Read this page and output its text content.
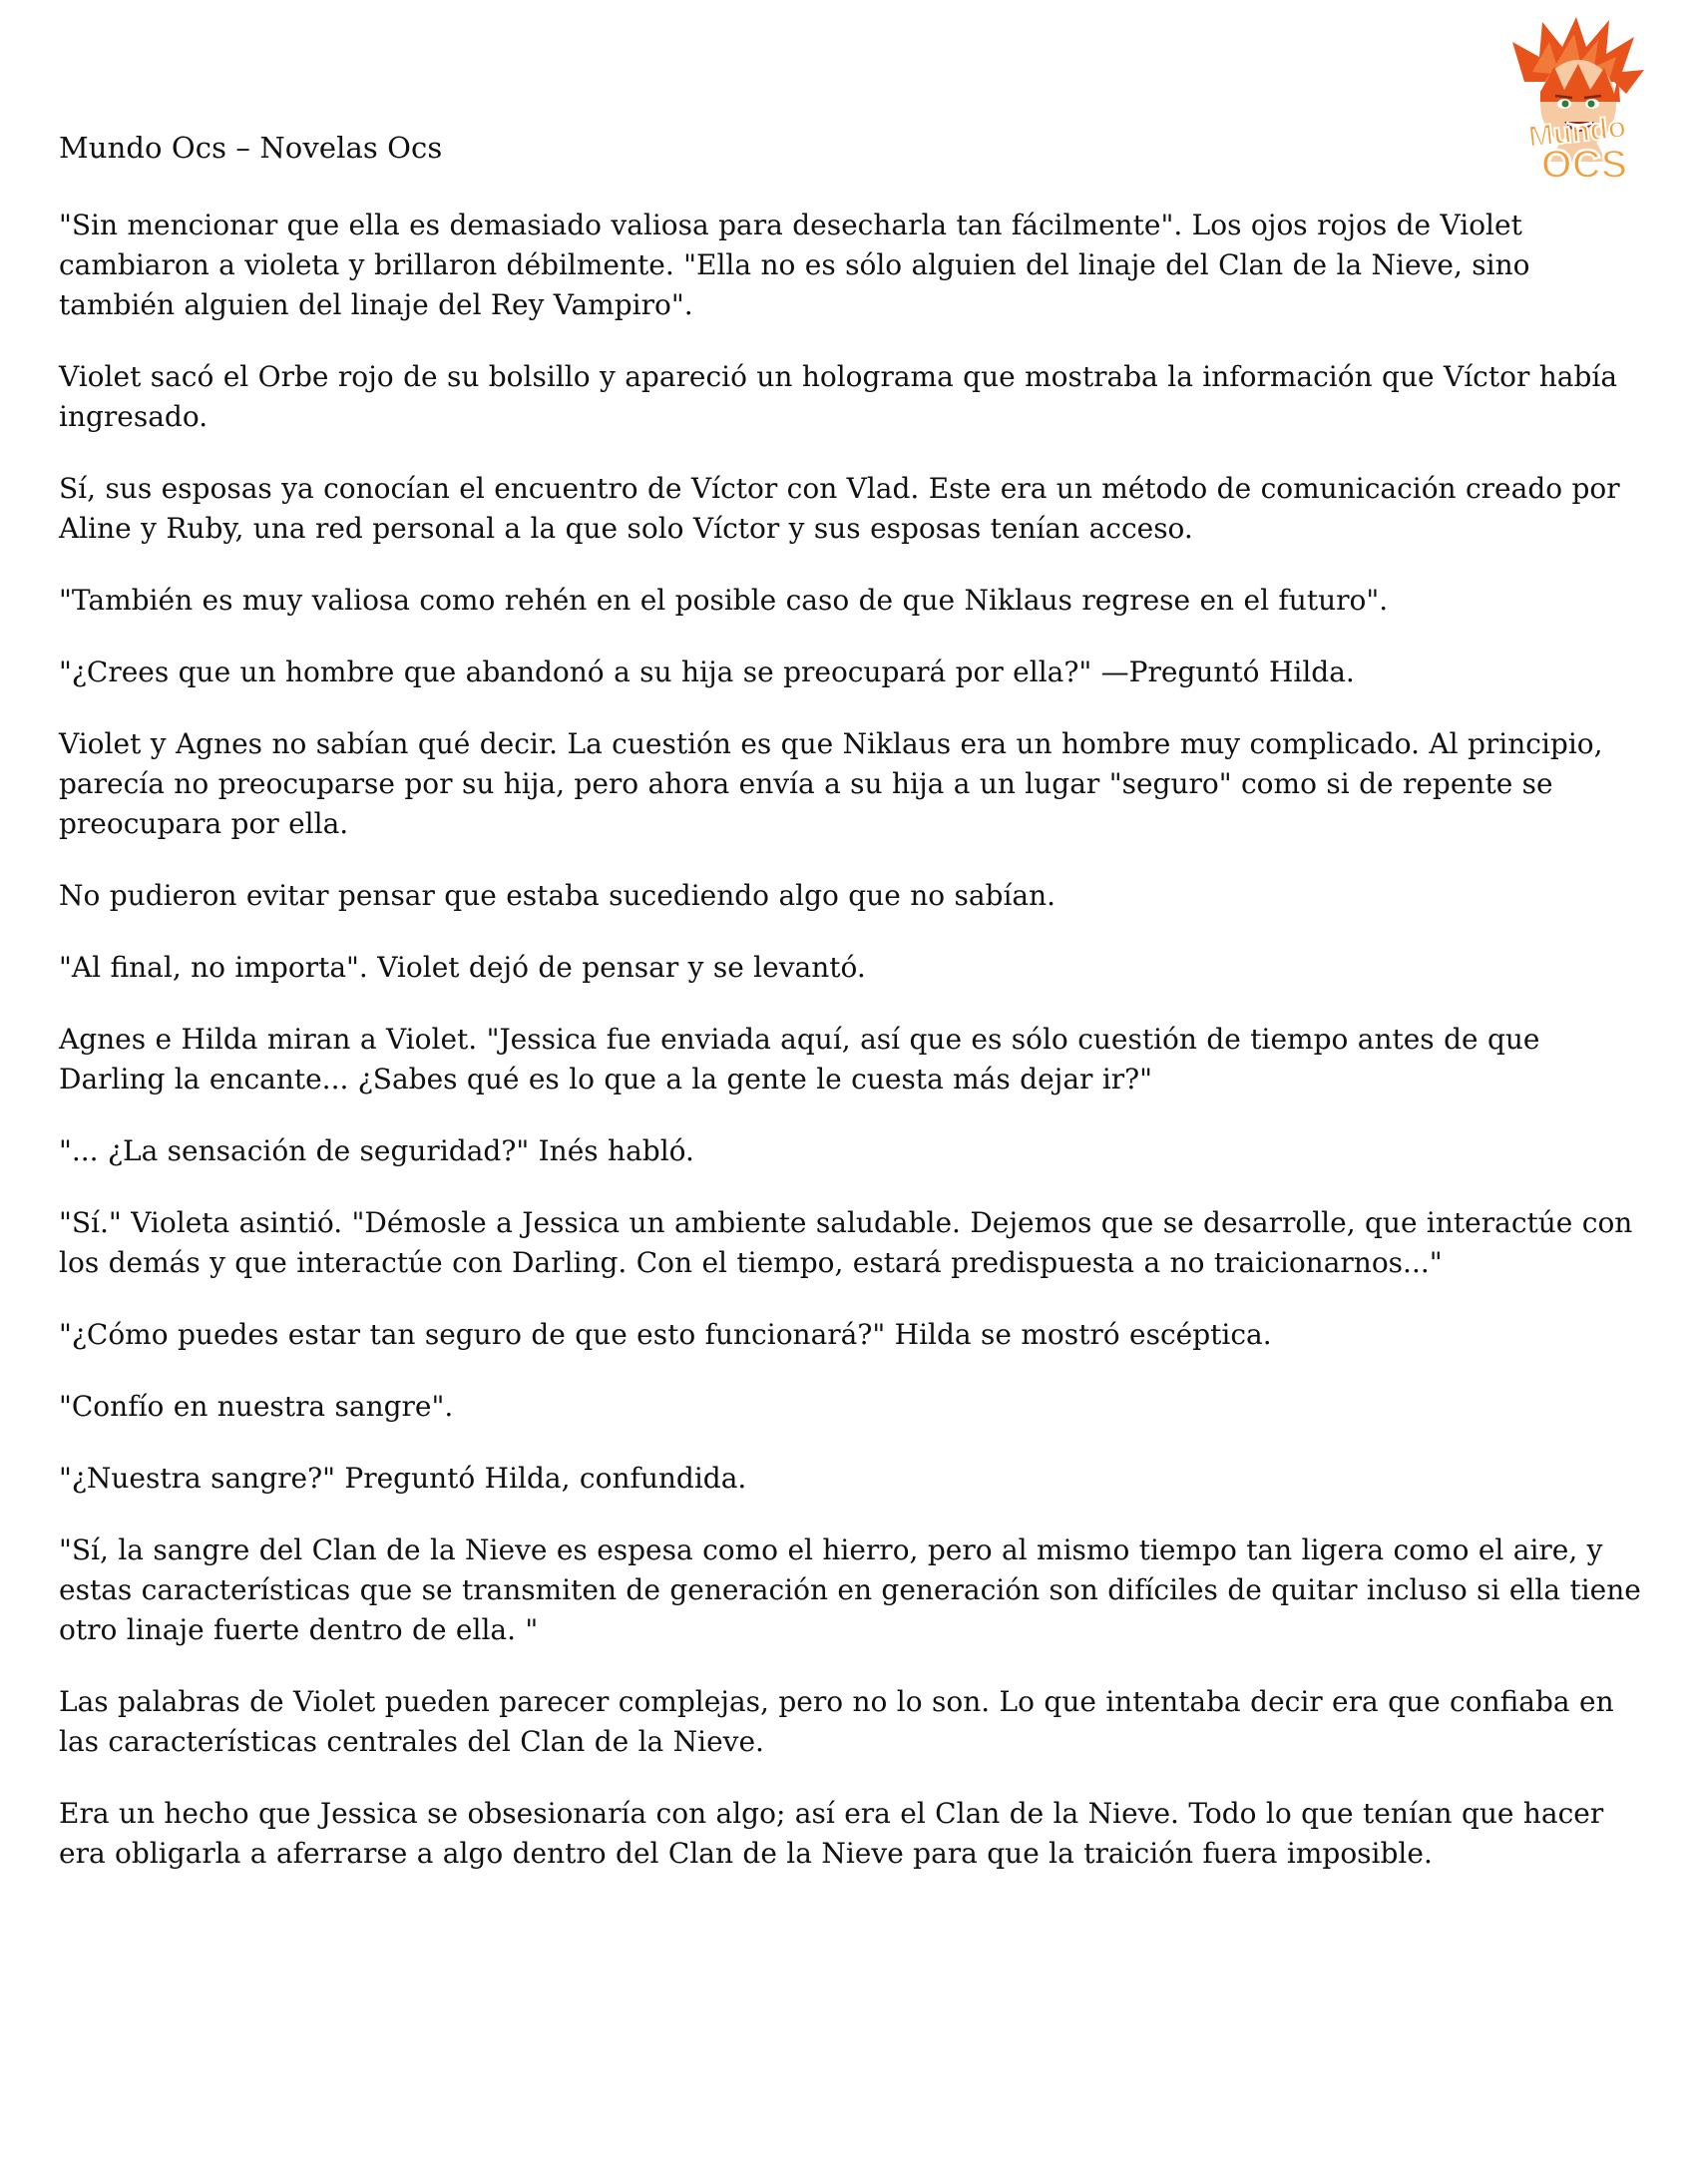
Mundo Ocs – Novelas Ocs	Mundo
OCS

"Sin mencionar que ella es demasiado valiosa para desecharla tan fácilmente". Los ojos rojos de Violet cambiaron a violeta y brillaron débilmente. "Ella no es sólo alguien del linaje del Clan de la Nieve, sino también alguien del linaje del Rey Vampiro".

Violet sacó el Orbe rojo de su bolsillo y apareció un holograma que mostraba la información que Víctor había ingresado.

Sí, sus esposas ya conocían el encuentro de Víctor con Vlad. Este era un método de comunicación creado por Aline y Ruby, una red personal a la que solo Víctor y sus esposas tenían acceso.

"También es muy valiosa como rehén en el posible caso de que Niklaus regrese en el futuro".

"¿Crees que un hombre que abandonó a su hija se preocupará por ella?" —Preguntó Hilda.

Violet y Agnes no sabían qué decir. La cuestión es que Niklaus era un hombre muy complicado. Al principio, parecía no preocuparse por su hija, pero ahora envía a su hija a un lugar "seguro" como si de repente se preocupara por ella.

No pudieron evitar pensar que estaba sucediendo algo que no sabían.

"Al final, no importa". Violet dejó de pensar y se levantó.

Agnes e Hilda miran a Violet. "Jessica fue enviada aquí, así que es sólo cuestión de tiempo antes de que Darling la encante... ¿Sabes qué es lo que a la gente le cuesta más dejar ir?"

"... ¿La sensación de seguridad?" Inés habló.

"Sí." Violeta asintió. "Démosle a Jessica un ambiente saludable. Dejemos que se desarrolle, que interactúe con los demás y que interactúe con Darling. Con el tiempo, estará predispuesta a no traicionarnos..."

"¿Cómo puedes estar tan seguro de que esto funcionará?" Hilda se mostró escéptica.

"Confío en nuestra sangre".

"¿Nuestra sangre?" Preguntó Hilda, confundida.

"Sí, la sangre del Clan de la Nieve es espesa como el hierro, pero al mismo tiempo tan ligera como el aire, y estas características que se transmiten de generación en generación son difíciles de quitar incluso si ella tiene otro linaje fuerte dentro de ella. "

Las palabras de Violet pueden parecer complejas, pero no lo son. Lo que intentaba decir era que confiaba en las características centrales del Clan de la Nieve.

Era un hecho que Jessica se obsesionaría con algo; así era el Clan de la Nieve. Todo lo que tenían que hacer era obligarla a aferrarse a algo dentro del Clan de la Nieve para que la traición fuera imposible.
